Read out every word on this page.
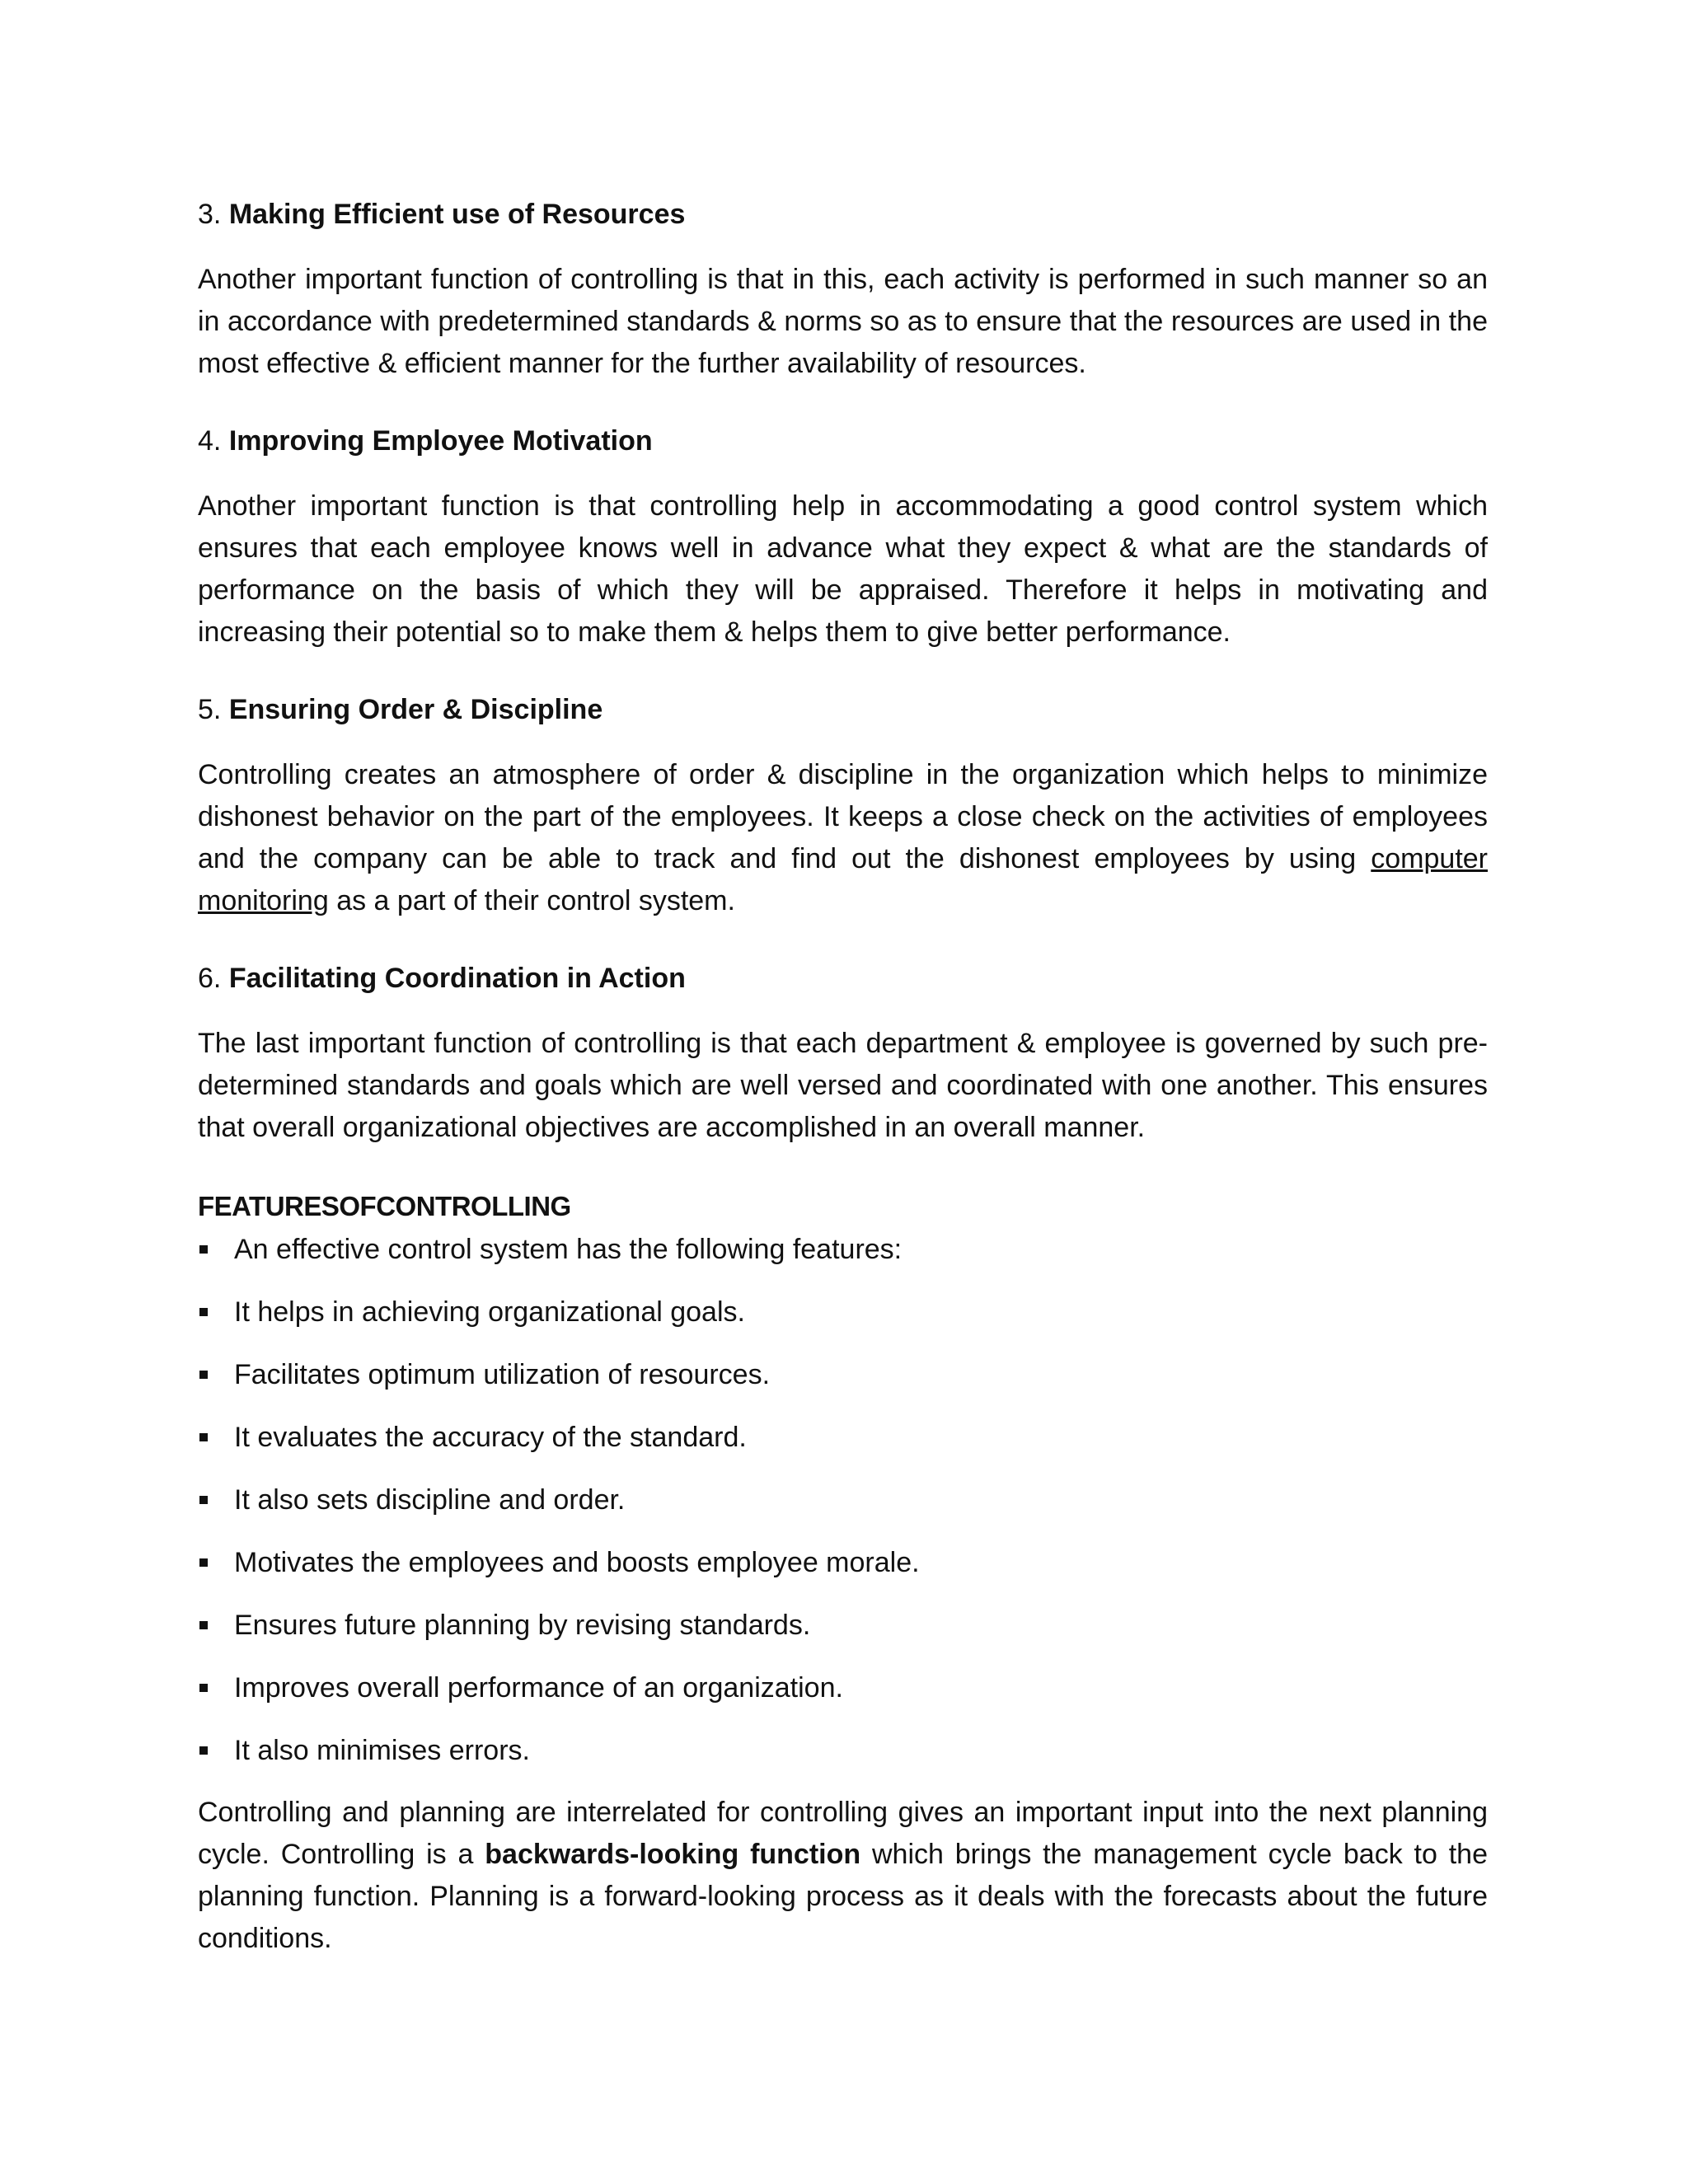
3. Making Efficient use of Resources

Another important function of controlling is that in this, each activity is performed in such manner so an in accordance with predetermined standards & norms so as to ensure that the resources are used in the most effective & efficient manner for the further availability of resources.

4. Improving Employee Motivation

Another important function is that controlling help in accommodating a good control system which ensures that each employee knows well in advance what they expect & what are the standards of performance on the basis of which they will be appraised. Therefore it helps in motivating and increasing their potential so to make them & helps them to give better performance.

5. Ensuring Order & Discipline

Controlling creates an atmosphere of order & discipline in the organization which helps to minimize dishonest behavior on the part of the employees. It keeps a close check on the activities of employees and the company can be able to track and find out the dishonest employees by using computer monitoring as a part of their control system.

6. Facilitating Coordination in Action

The last important function of controlling is that each department & employee is governed by such pre-determined standards and goals which are well versed and coordinated with one another. This ensures that overall organizational objectives are accomplished in an overall manner.

FEATURESOFCONTROLLING

An effective control system has the following features:
It helps in achieving organizational goals.
Facilitates optimum utilization of resources.
It evaluates the accuracy of the standard.
It also sets discipline and order.
Motivates the employees and boosts employee morale.
Ensures future planning by revising standards.
Improves overall performance of an organization.
It also minimises errors.

Controlling and planning are interrelated for controlling gives an important input into the next planning cycle. Controlling is a backwards-looking function which brings the management cycle back to the planning function. Planning is a forward-looking process as it deals with the forecasts about the future conditions.
